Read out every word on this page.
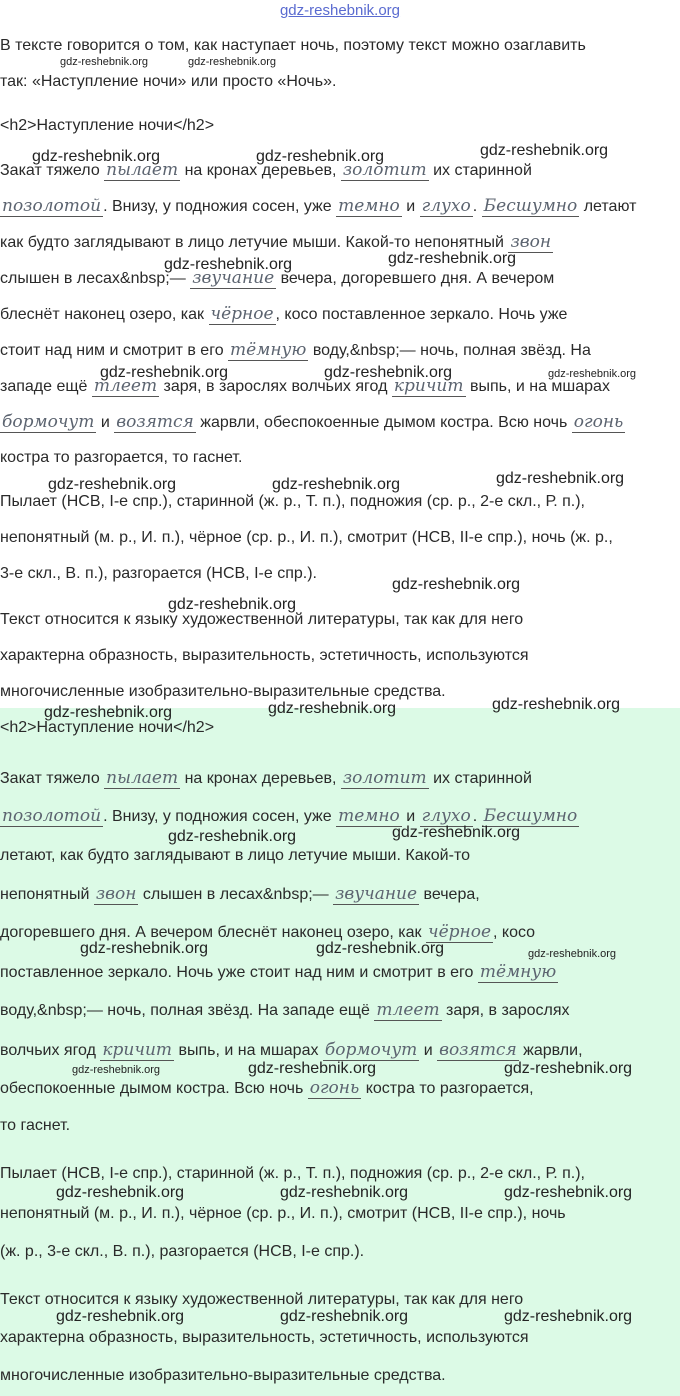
gdz-reshebnik.org
В тексте говорится о том, как наступает ночь, поэтому текст можно озаглавить
так: «Наступление ночи» или просто «Ночь».
<h2>Наступление ночи</h2>
Закат тяжело пылает на кронах деревьев, золотит их старинной
позолотой . Внизу, у подножия сосен, уже темно и глухо . Бесшумно летают
как будто заглядывают в лицо летучие мыши. Какой-то непонятный звон
слышен в лесах&nbsp;— звучание вечера, догоревшего дня. А вечером
блеснёт наконец озеро, как чёрное , косо поставленное зеркало. Ночь уже
стоит над ним и смотрит в его тёмную воду,&nbsp;— ночь, полная звёзд. На
западе ещё тлеет заря, в зарослях волчьих ягод кричит выпь, и на мшарах
бормочут и возятся жарвли, обеспокоенные дымом костра. Всю ночь огонь
костра то разгорается, то гаснет.
Пылает (НСВ, I-е спр.), старинной (ж. р., Т. п.), подножия (ср. р., 2-е скл., Р. п.),
непонятный (м. р., И. п.), чёрное (ср. р., И. п.), смотрит (НСВ, II-е спр.), ночь (ж. р.,
3-е скл., В. п.), разгорается (НСВ, I-е спр.).
Текст относится к языку художественной литературы, так как для него
характерна образность, выразительность, эстетичность, используются
многочисленные изобразительно-выразительные средства.
<h2>Наступление ночи</h2>
Закат тяжело пылает на кронах деревьев, золотит их старинной
позолотой . Внизу, у подножия сосен, уже темно и глухо . Бесшумно
летают, как будто заглядывают в лицо летучие мыши. Какой-то
непонятный звон слышен в лесах&nbsp;— звучание вечера,
догоревшего дня. А вечером блеснёт наконец озеро, как чёрное , косо
поставленное зеркало. Ночь уже стоит над ним и смотрит в его тёмную
воду,&nbsp;— ночь, полная звёзд. На западе ещё тлеет заря, в зарослях
волчьих ягод кричит выпь, и на мшарах бормочут и возятся жарвли,
обеспокоенные дымом костра. Всю ночь огонь костра то разгорается,
то гаснет.
Пылает (НСВ, I-е спр.), старинной (ж. р., Т. п.), подножия (ср. р., 2-е скл., Р. п.),
непонятный (м. р., И. п.), чёрное (ср. р., И. п.), смотрит (НСВ, II-е спр.), ночь
(ж. р., 3-е скл., В. п.), разгорается (НСВ, I-е спр.).
Текст относится к языку художественной литературы, так как для него
характерна образность, выразительность, эстетичность, используются
многочисленные изобразительно-выразительные средства.
gdz-reshebnik.org	gdz-reshebnik.org
gdz-reshebnik.org	gdz-reshebnik.org	gdz-reshebnik.org
gdz-reshebnik.org	gdz-reshebnik.org
gdz-reshebnik.org	gdz-reshebnik.org	gdz-reshebnik.org
gdz-reshebnik.org	gdz-reshebnik.org	gdz-reshebnik.org
gdz-reshebnik.org
gdz-reshebnik.org
gdz-reshebnik.org	gdz-reshebnik.org	gdz-reshebnik.org
gdz-reshebnik.org	gdz-reshebnik.org
gdz-reshebnik.org	gdz-reshebnik.org	gdz-reshebnik.org
gdz-reshebnik.org	gdz-reshebnik.org	gdz-reshebnik.org
gdz-reshebnik.org	gdz-reshebnik.org	gdz-reshebnik.org
gdz-reshebnik.org	gdz-reshebnik.org	gdz-reshebnik.org
